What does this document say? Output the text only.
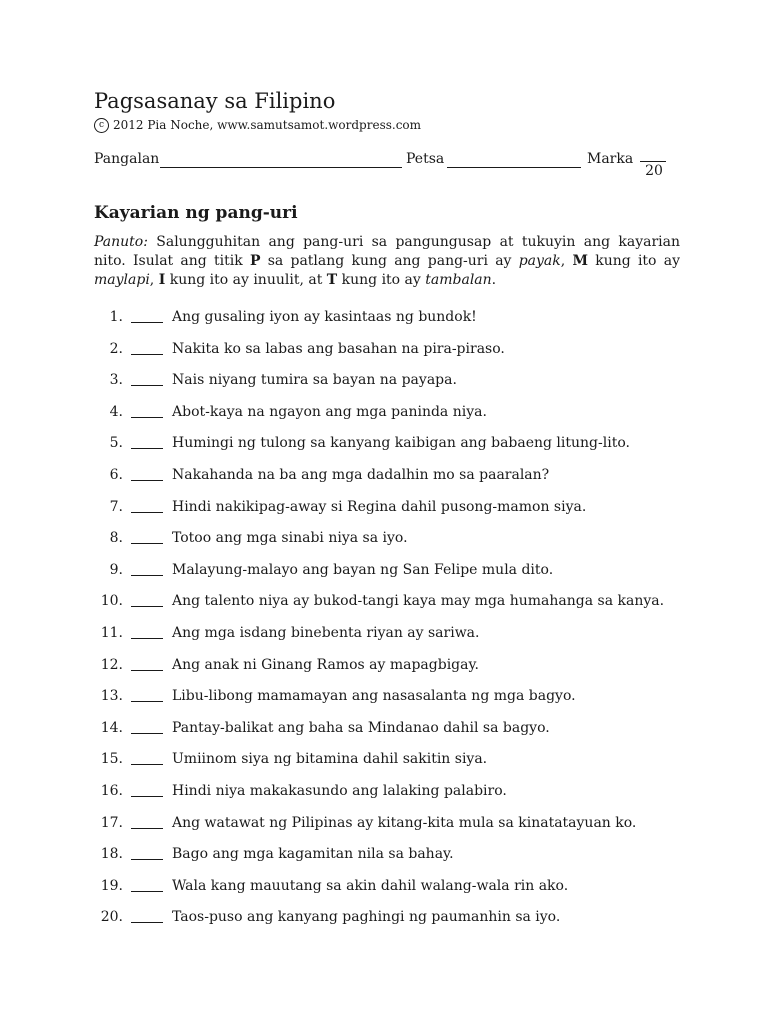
Pagsasanay sa Filipino
c 2012 Pia Noche, www.samutsamot.wordpress.com
Pangalan	Petsa	Marka
20
Kayarian ng pang-uri
Panuto: Salungguhitan ang pang-uri sa pangungusap at tukuyin ang kayarian nito. Isulat ang titik P sa patlang kung ang pang-uri ay payak, M kung ito ay maylapi, I kung ito ay inuulit, at T kung ito ay tambalan.
1.	Ang gusaling iyon ay kasintaas ng bundok!
2.	Nakita ko sa labas ang basahan na pira-piraso.
3.	Nais niyang tumira sa bayan na payapa.
4.	Abot-kaya na ngayon ang mga paninda niya.
5.	Humingi ng tulong sa kanyang kaibigan ang babaeng litung-lito.
6.	Nakahanda na ba ang mga dadalhin mo sa paaralan?
7.	Hindi nakikipag-away si Regina dahil pusong-mamon siya.
8.	Totoo ang mga sinabi niya sa iyo.
9.	Malayung-malayo ang bayan ng San Felipe mula dito.
10.	Ang talento niya ay bukod-tangi kaya may mga humahanga sa kanya.
11.	Ang mga isdang binebenta riyan ay sariwa.
12.	Ang anak ni Ginang Ramos ay mapagbigay.
13.	Libu-libong mamamayan ang nasasalanta ng mga bagyo.
14.	Pantay-balikat ang baha sa Mindanao dahil sa bagyo.
15.	Umiinom siya ng bitamina dahil sakitin siya.
16.	Hindi niya makakasundo ang lalaking palabiro.
17.	Ang watawat ng Pilipinas ay kitang-kita mula sa kinatatayuan ko.
18.	Bago ang mga kagamitan nila sa bahay.
19.	Wala kang mauutang sa akin dahil walang-wala rin ako.
20.	Taos-puso ang kanyang paghingi ng paumanhin sa iyo.
